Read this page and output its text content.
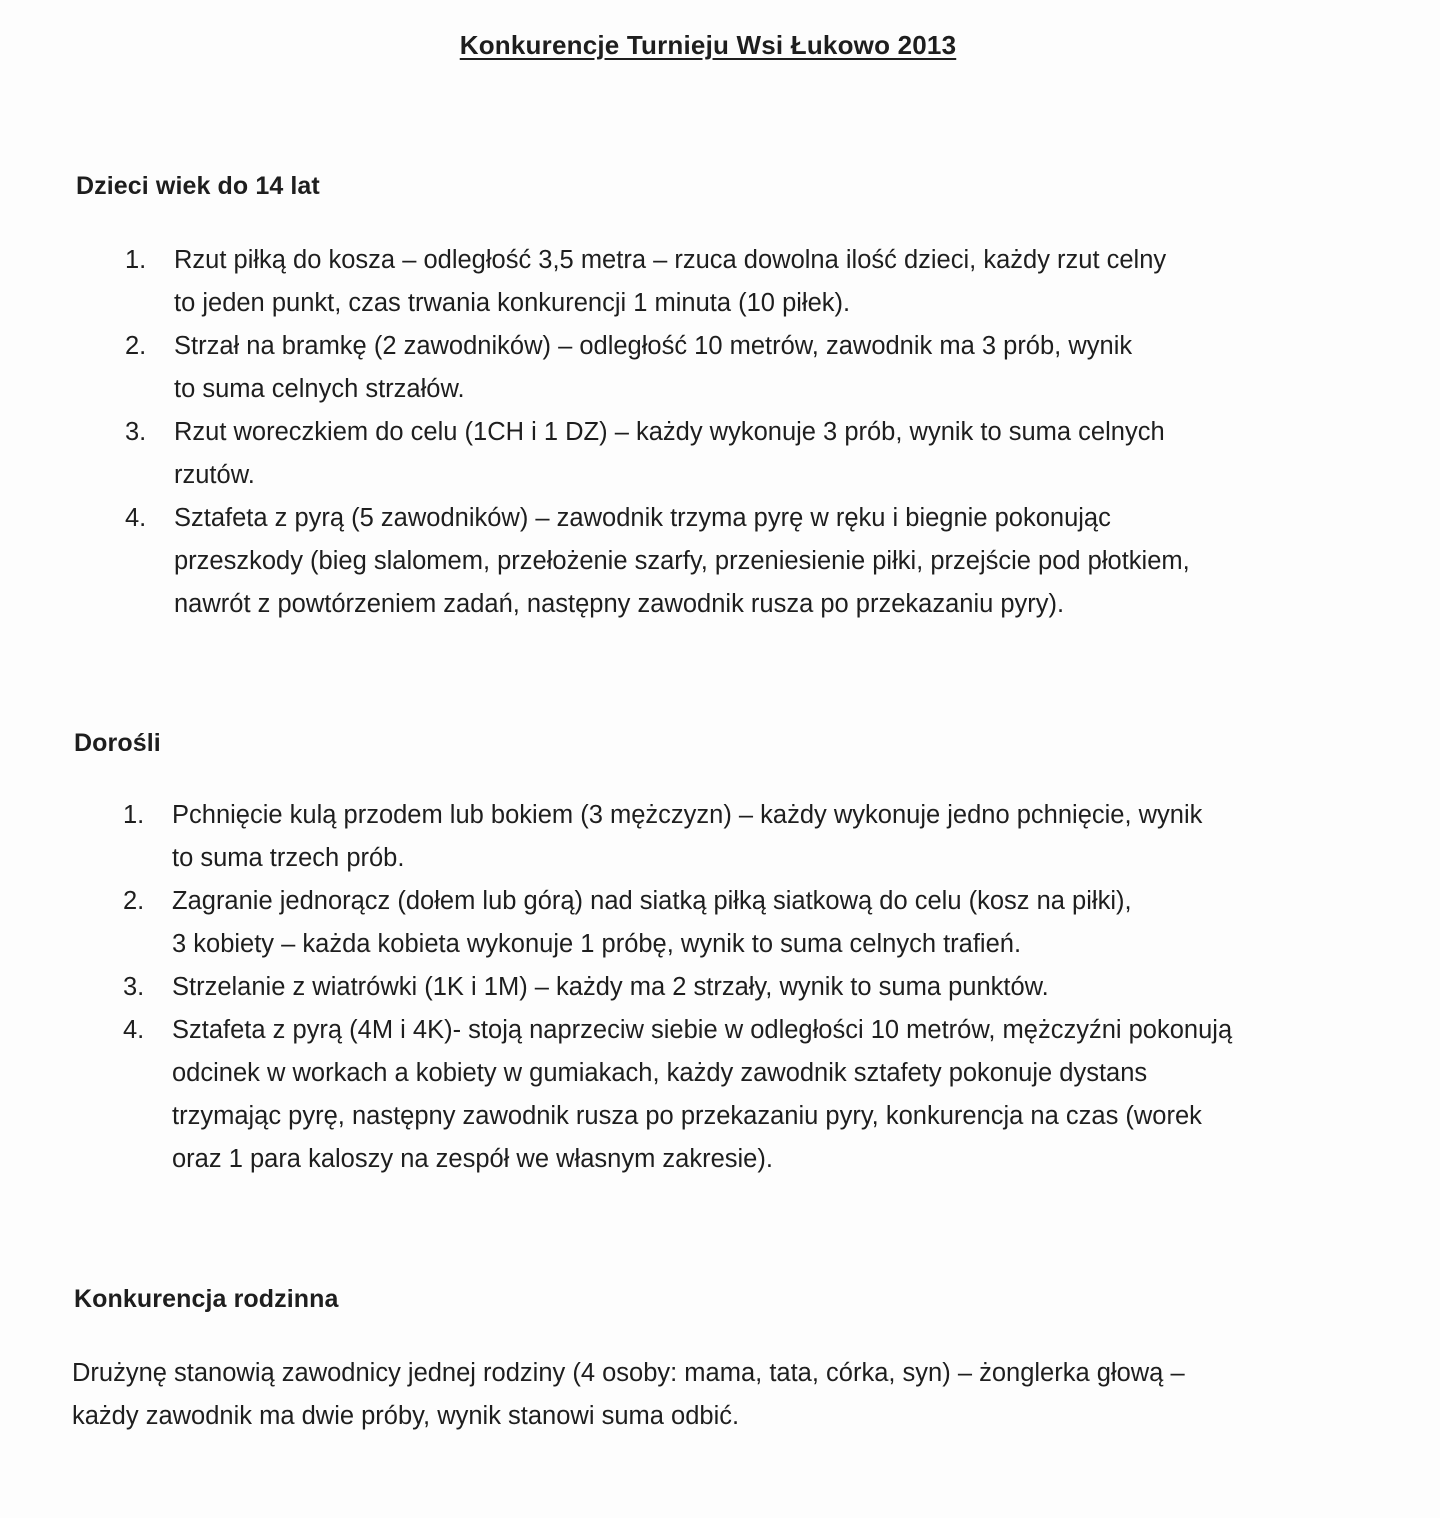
Konkurencje Turnieju Wsi Łukowo 2013
Dzieci wiek do 14 lat
1. Rzut piłką do kosza – odległość 3,5 metra – rzuca dowolna ilość dzieci, każdy rzut celny
to jeden punkt, czas trwania konkurencji 1 minuta (10 piłek).
2. Strzał na bramkę (2 zawodników) – odległość 10 metrów, zawodnik ma 3 prób, wynik
to suma celnych strzałów.
3. Rzut woreczkiem do celu (1CH i 1 DZ) – każdy wykonuje 3 prób, wynik to suma celnych
rzutów.
4. Sztafeta z pyrą (5 zawodników) – zawodnik trzyma pyrę w ręku i biegnie pokonując
przeszkody (bieg slalomem, przełożenie szarfy, przeniesienie piłki, przejście pod płotkiem,
nawrót z powtórzeniem zadań, następny zawodnik rusza po przekazaniu pyry).
Dorośli
1. Pchnięcie kulą przodem lub bokiem (3 mężczyzn) – każdy wykonuje jedno pchnięcie, wynik
to suma trzech prób.
2. Zagranie jednorącz (dołem lub górą) nad siatką piłką siatkową do celu (kosz na piłki),
3 kobiety – każda kobieta wykonuje 1 próbę, wynik to suma celnych trafień.
3. Strzelanie z wiatrówki (1K i 1M) – każdy ma 2 strzały, wynik to suma punktów.
4. Sztafeta z pyrą (4M i 4K)- stoją naprzeciw siebie w odległości 10 metrów, mężczyźni pokonują
odcinek w workach a kobiety w gumiakach, każdy zawodnik sztafety pokonuje dystans
trzymając pyrę, następny zawodnik rusza po przekazaniu pyry, konkurencja na czas (worek
oraz 1 para kaloszy na zespół we własnym zakresie).
Konkurencja rodzinna
Drużynę stanowią zawodnicy jednej rodziny (4 osoby: mama, tata, córka, syn) – żonglerka głową –
każdy zawodnik ma dwie próby, wynik stanowi suma odbić.
